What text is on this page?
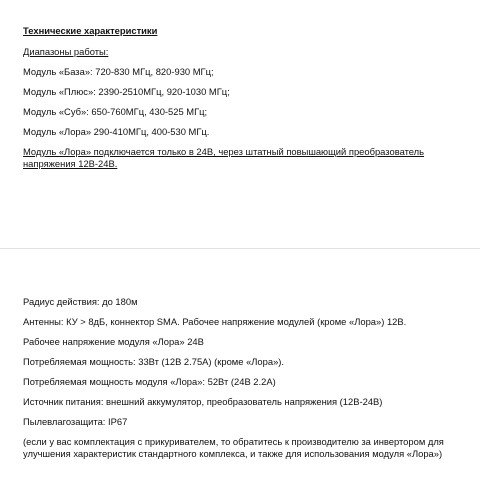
Технические характеристики

Диапазоны работы:

Модуль «База»: 720-830 МГц, 820-930 МГц;

Модуль «Плюс»: 2390-2510МГц, 920-1030 МГц;

Модуль «Суб»: 650-760МГц, 430-525 МГц;

Модуль «Лора» 290-410МГц, 400-530 МГц.

Модуль «Лора» подключается только в 24В, через штатный повышающий преобразователь напряжения 12В-24В.

Радиус действия: до 180м

Антенны: КУ > 8дБ, коннектор SMA. Рабочее напряжение модулей (кроме «Лора») 12В.

Рабочее напряжение модуля «Лора» 24В

Потребляемая мощность: 33Вт (12В 2.75А) (кроме «Лора»).

Потребляемая мощность модуля «Лора»: 52Вт (24В 2.2А)

Источник питания: внешний аккумулятор, преобразователь напряжения (12В-24В)

Пылевлагозащита: IP67

(если у вас комплектация с прикуривателем, то обратитесь к производителю за инвертором для улучшения характеристик стандартного комплекса, и также для использования модуля «Лора»)
